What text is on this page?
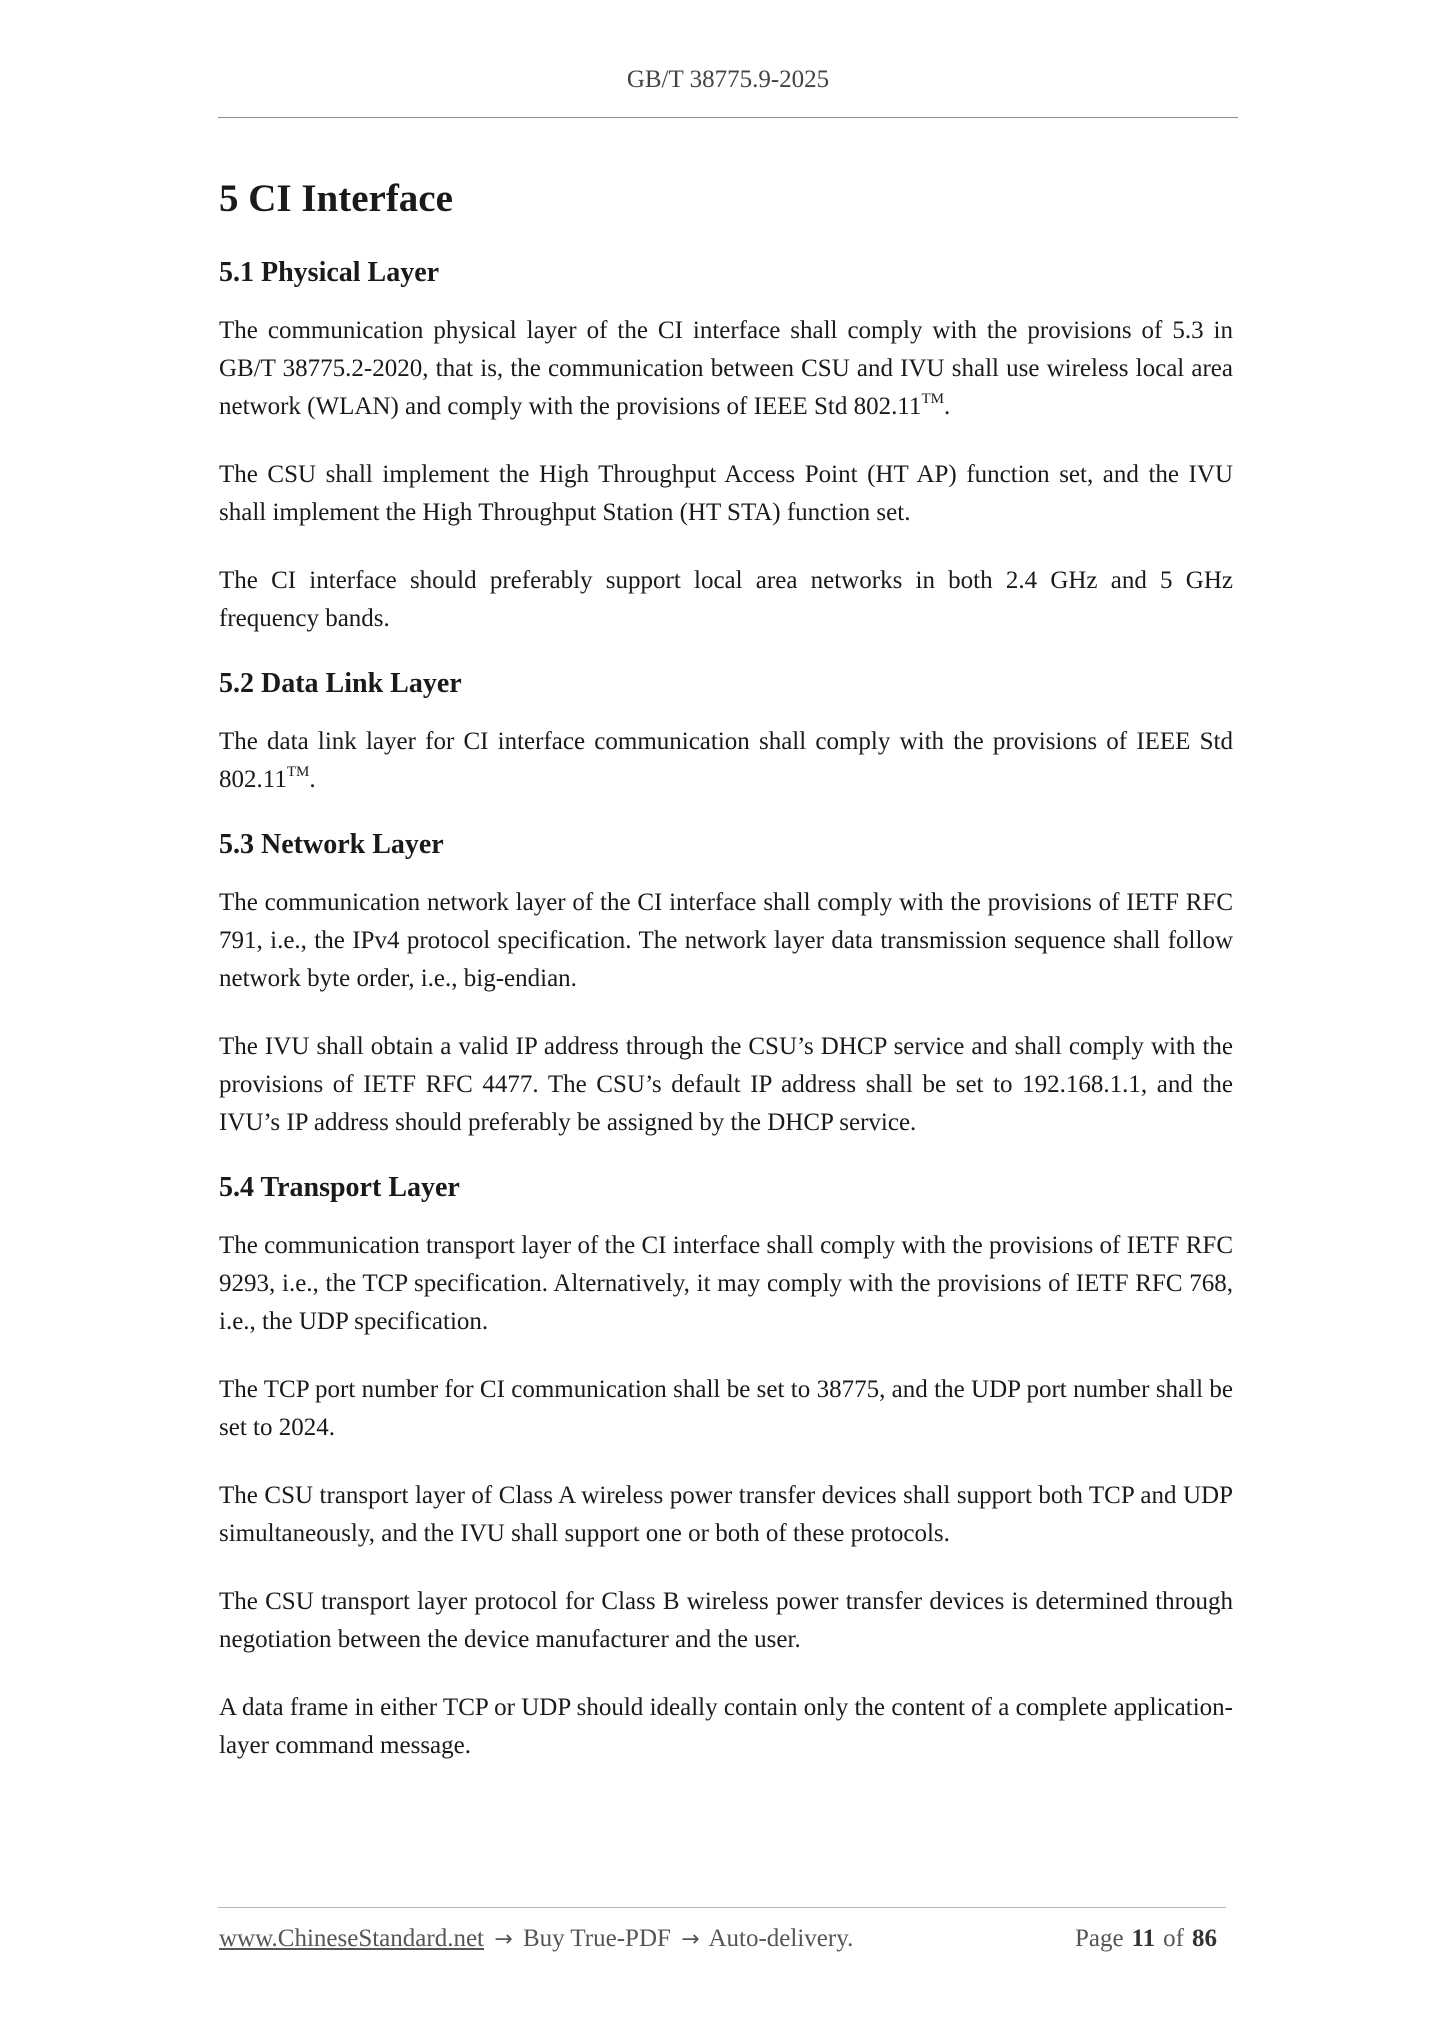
GB/T 38775.9-2025
5 CI Interface
5.1 Physical Layer

The communication physical layer of the CI interface shall comply with the provisions of 5.3 in GB/T 38775.2-2020, that is, the communication between CSU and IVU shall use wireless local area network (WLAN) and comply with the provisions of IEEE Std 802.11™.

The CSU shall implement the High Throughput Access Point (HT AP) function set, and the IVU shall implement the High Throughput Station (HT STA) function set.

The CI interface should preferably support local area networks in both 2.4 GHz and 5 GHz frequency bands.

5.2 Data Link Layer

The data link layer for CI interface communication shall comply with the provisions of IEEE Std 802.11™.

5.3 Network Layer

The communication network layer of the CI interface shall comply with the provisions of IETF RFC 791, i.e., the IPv4 protocol specification. The network layer data transmission sequence shall follow network byte order, i.e., big-endian.

The IVU shall obtain a valid IP address through the CSU’s DHCP service and shall comply with the provisions of IETF RFC 4477. The CSU’s default IP address shall be set to 192.168.1.1, and the IVU’s IP address should preferably be assigned by the DHCP service.

5.4 Transport Layer

The communication transport layer of the CI interface shall comply with the provisions of IETF RFC 9293, i.e., the TCP specification. Alternatively, it may comply with the provisions of IETF RFC 768, i.e., the UDP specification.

The TCP port number for CI communication shall be set to 38775, and the UDP port number shall be set to 2024.

The CSU transport layer of Class A wireless power transfer devices shall support both TCP and UDP simultaneously, and the IVU shall support one or both of these protocols.

The CSU transport layer protocol for Class B wireless power transfer devices is determined through negotiation between the device manufacturer and the user.

A data frame in either TCP or UDP should ideally contain only the content of a complete application-layer command message.

www.ChineseStandard.net → Buy True-PDF → Auto-delivery.	Page 11 of 86
